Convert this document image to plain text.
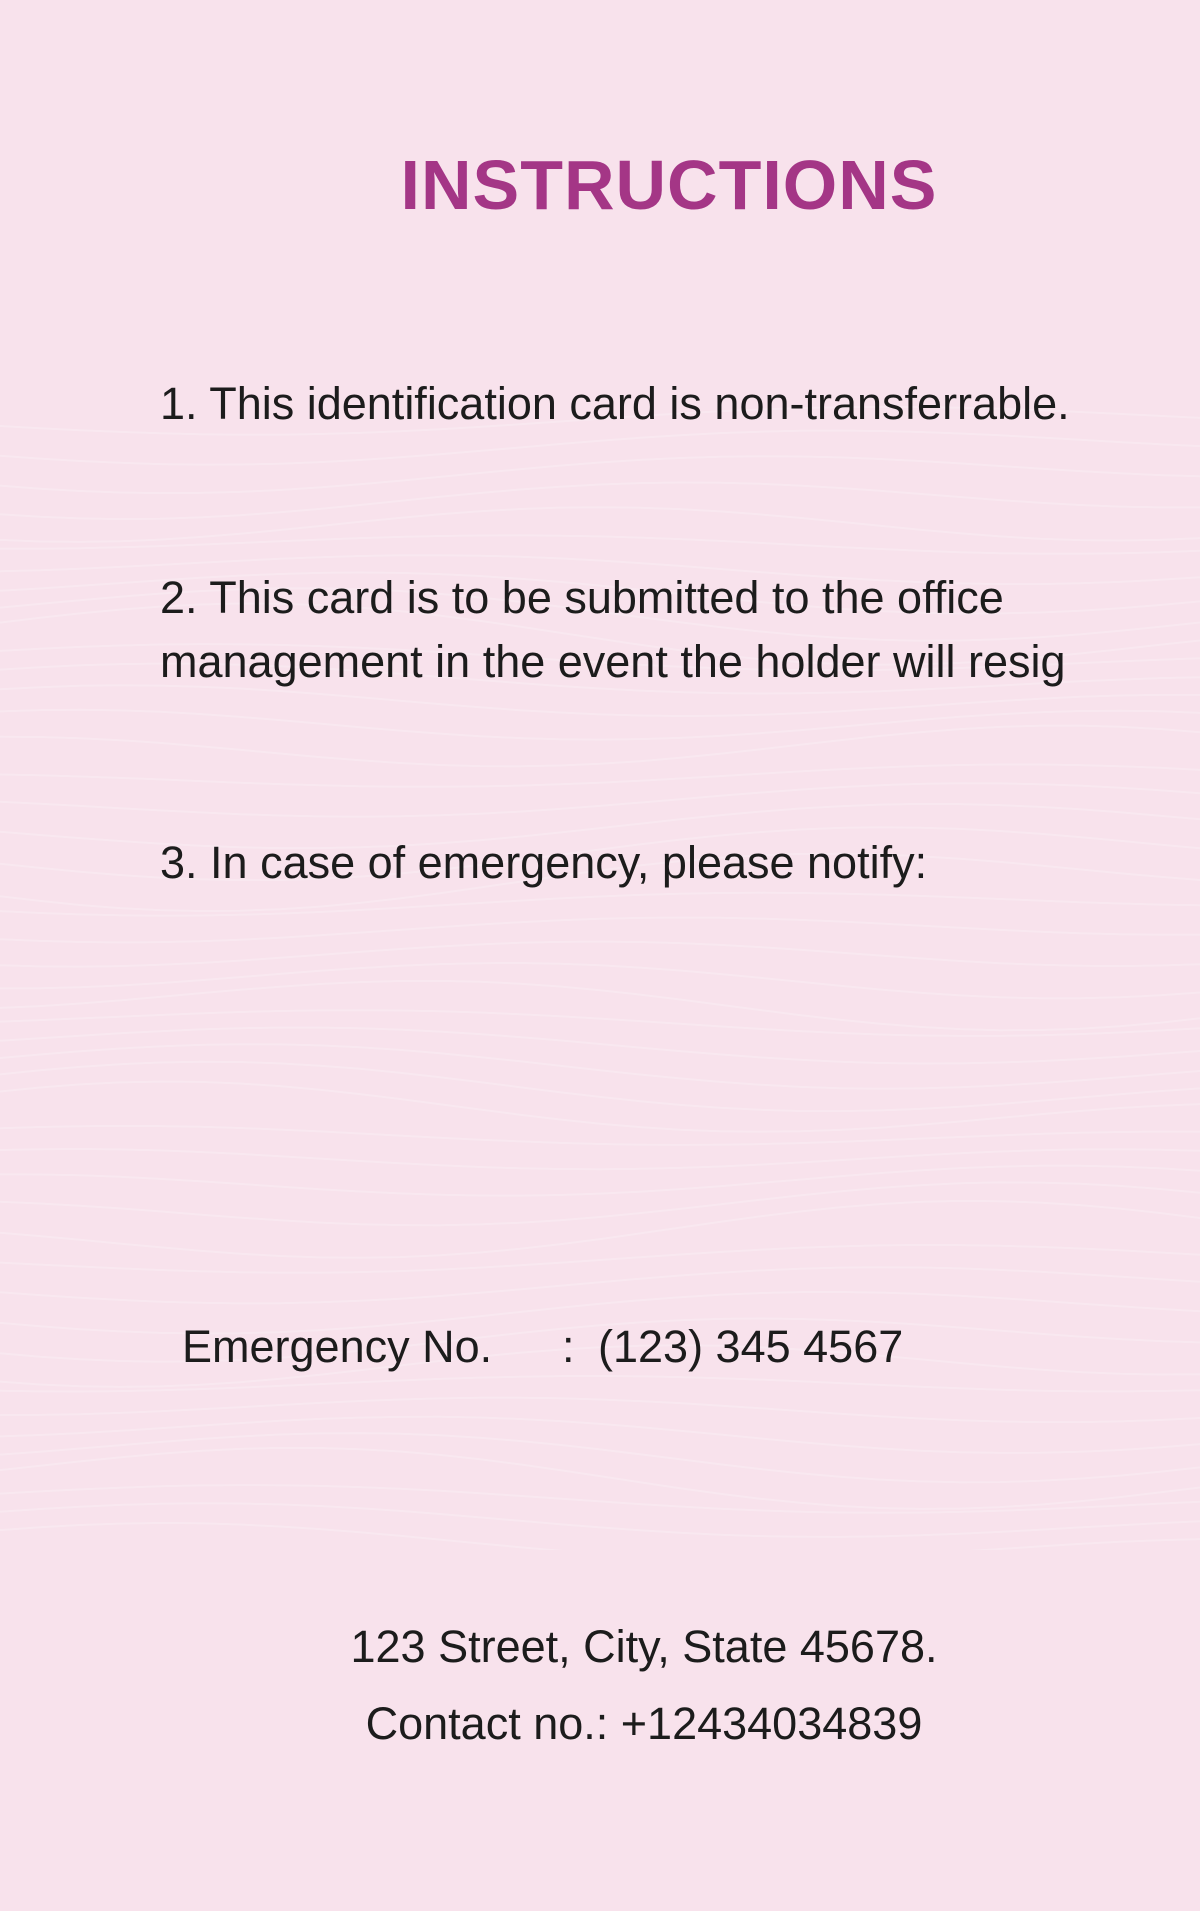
INSTRUCTIONS
1. This identification card is non-transferrable.
2. This card is to be submitted to the office
management in the event the holder will resig
3. In case of emergency, please notify:
Emergency No. : (123) 345 4567
123 Street, City, State 45678.
Contact no.: +12434034839
